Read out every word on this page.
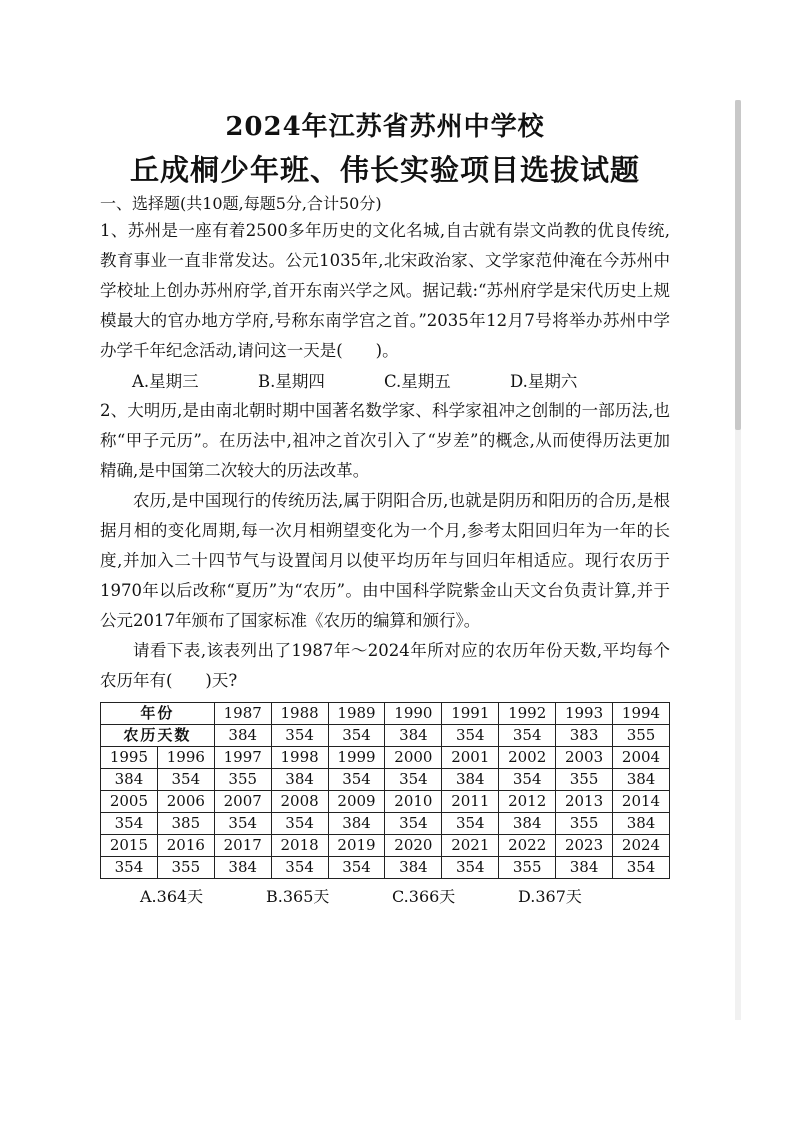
2024年江苏省苏州中学校
丘成桐少年班、伟长实验项目选拔试题
一、选择题(共10题,每题5分,合计50分)

1、苏州是一座有着2500多年历史的文化名城,自古就有崇文尚教的优良传统,教育事业一直非常发达。公元1035年,北宋政治家、文学家范仲淹在今苏州中学校址上创办苏州府学,首开东南兴学之风。据记载:“苏州府学是宋代历史上规模最大的官办地方学府,号称东南学宫之首。”2035年12月7号将举办苏州中学办学千年纪念活动,请问这一天是(　　)。

A.星期三	B.星期四	C.星期五	D.星期六

2、大明历,是由南北朝时期中国著名数学家、科学家祖冲之创制的一部历法,也称“甲子元历”。在历法中,祖冲之首次引入了“岁差”的概念,从而使得历法更加精确,是中国第二次较大的历法改革。

农历,是中国现行的传统历法,属于阴阳合历,也就是阴历和阳历的合历,是根据月相的变化周期,每一次月相朔望变化为一个月,参考太阳回归年为一年的长度,并加入二十四节气与设置闰月以使平均历年与回归年相适应。现行农历于1970年以后改称“夏历”为“农历”。由中国科学院紫金山天文台负责计算,并于公元2017年颁布了国家标准《农历的编算和颁行》。

请看下表,该表列出了1987年～2024年所对应的农历年份天数,平均每个农历年有(　　)天?

年份		1987	1988	1989	1990	1991	1992	1993	1994
农历天数		384	354	354	384	354	354	383	355
1995	1996	1997	1998	1999	2000	2001	2002	2003	2004
384	354	355	384	354	354	384	354	355	384
2005	2006	2007	2008	2009	2010	2011	2012	2013	2014
354	385	354	354	384	354	354	384	355	384
2015	2016	2017	2018	2019	2020	2021	2022	2023	2024
354	355	384	354	354	384	354	355	384	354
A.364天	B.365天	C.366天	D.367天
